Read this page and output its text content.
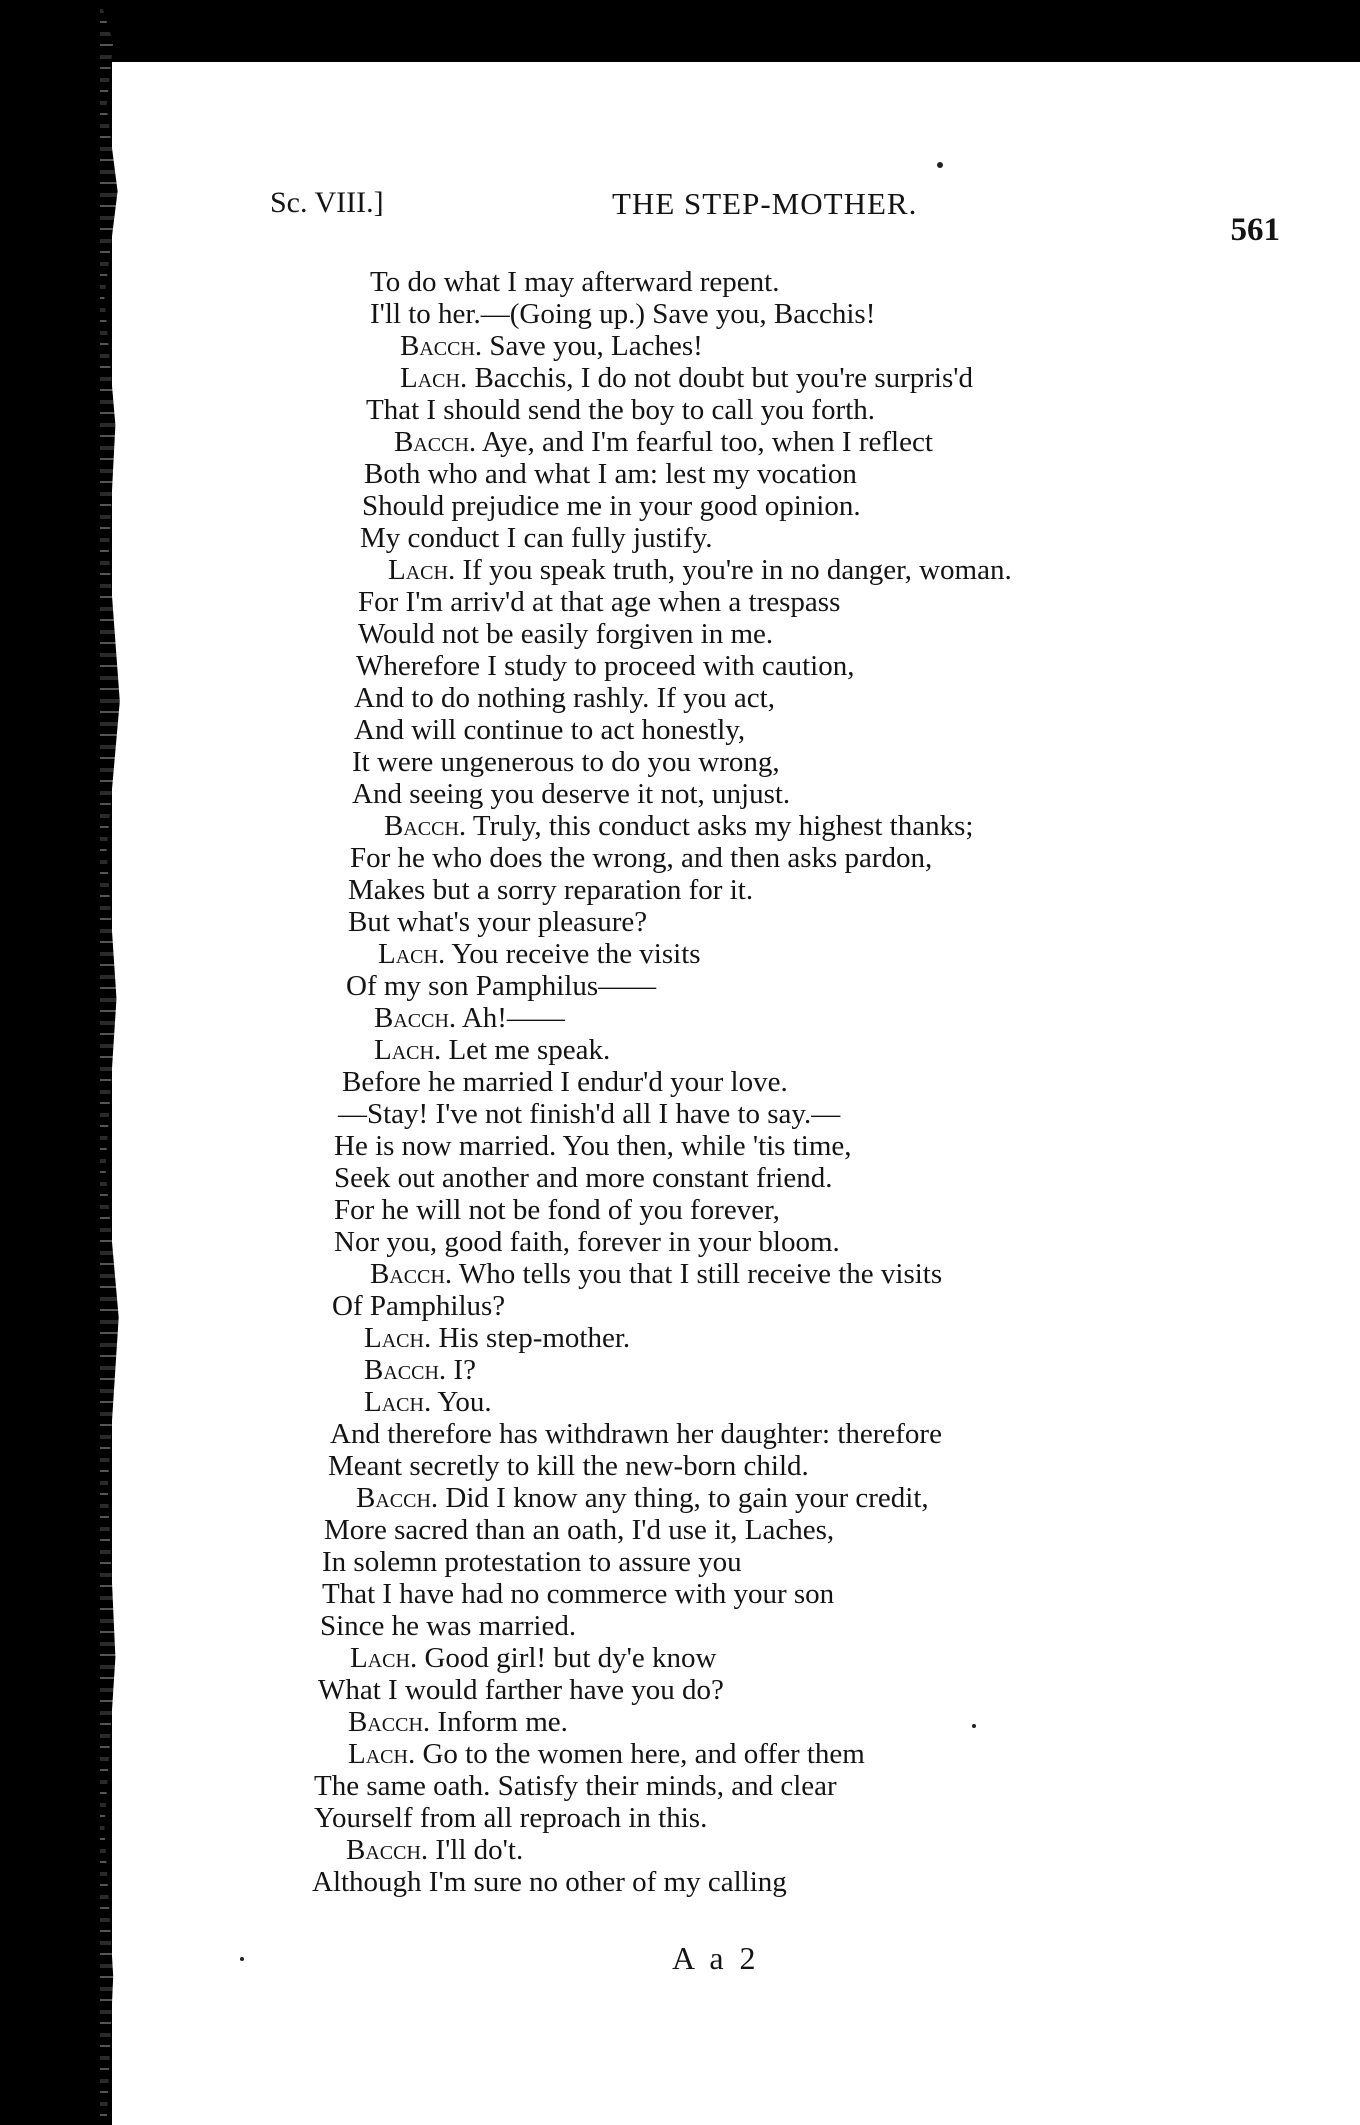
Sc. VIII.]	THE STEP-MOTHER.
561
To do what I may afterward repent.
I'll to her.—(Going up.) Save you, Bacchis!
Bacch. Save you, Laches!
Lach. Bacchis, I do not doubt but you're surpris'd
That I should send the boy to call you forth.
Bacch. Aye, and I'm fearful too, when I reflect
Both who and what I am: lest my vocation
Should prejudice me in your good opinion.
My conduct I can fully justify.
Lach. If you speak truth, you're in no danger, woman.
For I'm arriv'd at that age when a trespass
Would not be easily forgiven in me.
Wherefore I study to proceed with caution,
And to do nothing rashly. If you act,
And will continue to act honestly,
It were ungenerous to do you wrong,
And seeing you deserve it not, unjust.
Bacch. Truly, this conduct asks my highest thanks;
For he who does the wrong, and then asks pardon,
Makes but a sorry reparation for it.
But what's your pleasure?
Lach. You receive the visits
Of my son Pamphilus——
Bacch. Ah!——
Lach. Let me speak.
Before he married I endur'd your love.
—Stay! I've not finish'd all I have to say.—
He is now married. You then, while 'tis time,
Seek out another and more constant friend.
For he will not be fond of you forever,
Nor you, good faith, forever in your bloom.
Bacch. Who tells you that I still receive the visits
Of Pamphilus?
Lach. His step-mother.
Bacch. I?
Lach. You.
And therefore has withdrawn her daughter: therefore
Meant secretly to kill the new-born child.
Bacch. Did I know any thing, to gain your credit,
More sacred than an oath, I'd use it, Laches,
In solemn protestation to assure you
That I have had no commerce with your son
Since he was married.
Lach. Good girl! but dy'e know
What I would farther have you do?
Bacch. Inform me.
Lach. Go to the women here, and offer them
The same oath. Satisfy their minds, and clear
Yourself from all reproach in this.
Bacch. I'll do't.
Although I'm sure no other of my calling
A a 2
